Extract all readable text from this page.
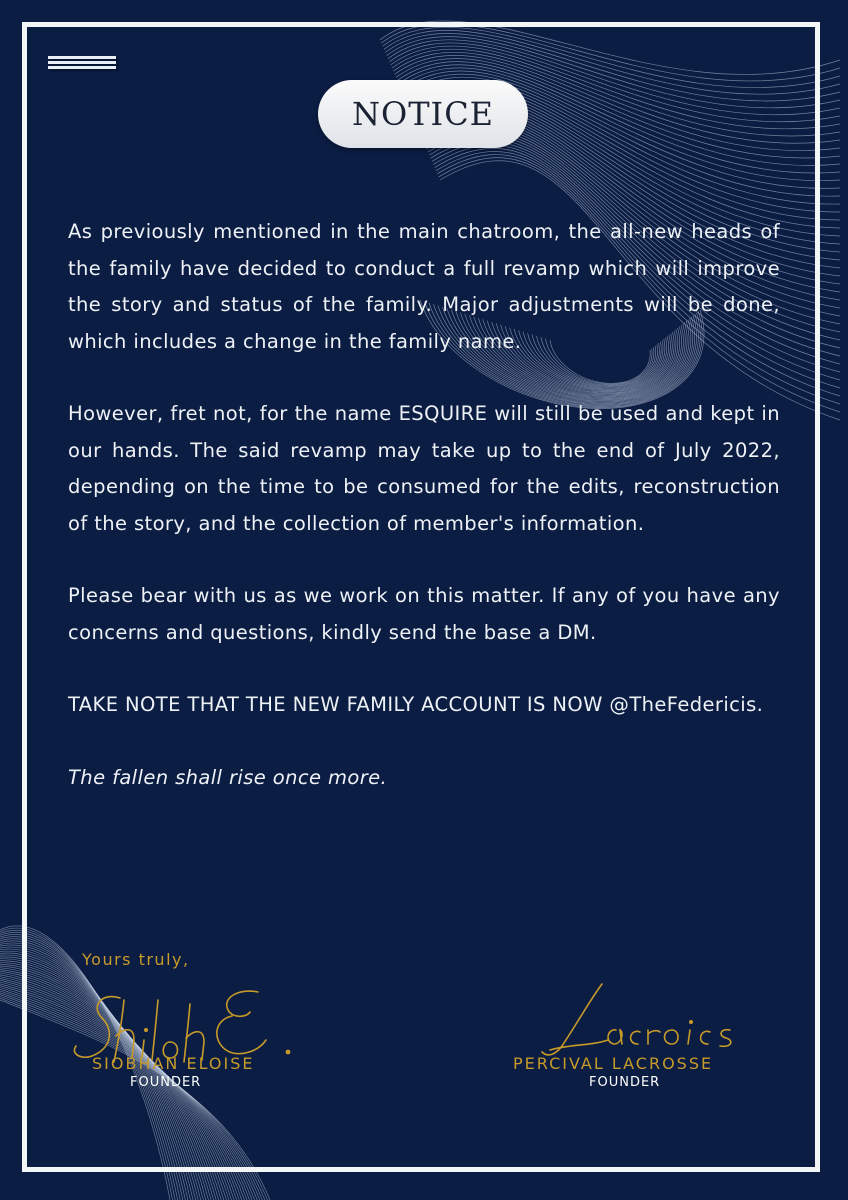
NOTICE

As previously mentioned in the main chatroom, the all-new heads of the family have decided to conduct a full revamp which will improve the story and status of the family. Major adjustments will be done, which includes a change in the family name.

However, fret not, for the name ESQUIRE will still be used and kept in our hands. The said revamp may take up to the end of July 2022, depending on the time to be consumed for the edits, reconstruction of the story, and the collection of member's information.

Please bear with us as we work on this matter. If any of you have any concerns and questions, kindly send the base a DM.

TAKE NOTE THAT THE NEW FAMILY ACCOUNT IS NOW @TheFedericis.

The fallen shall rise once more.

Yours truly,
SIOBHAN ELOISE
FOUNDER
PERCIVAL LACROSSE
FOUNDER
